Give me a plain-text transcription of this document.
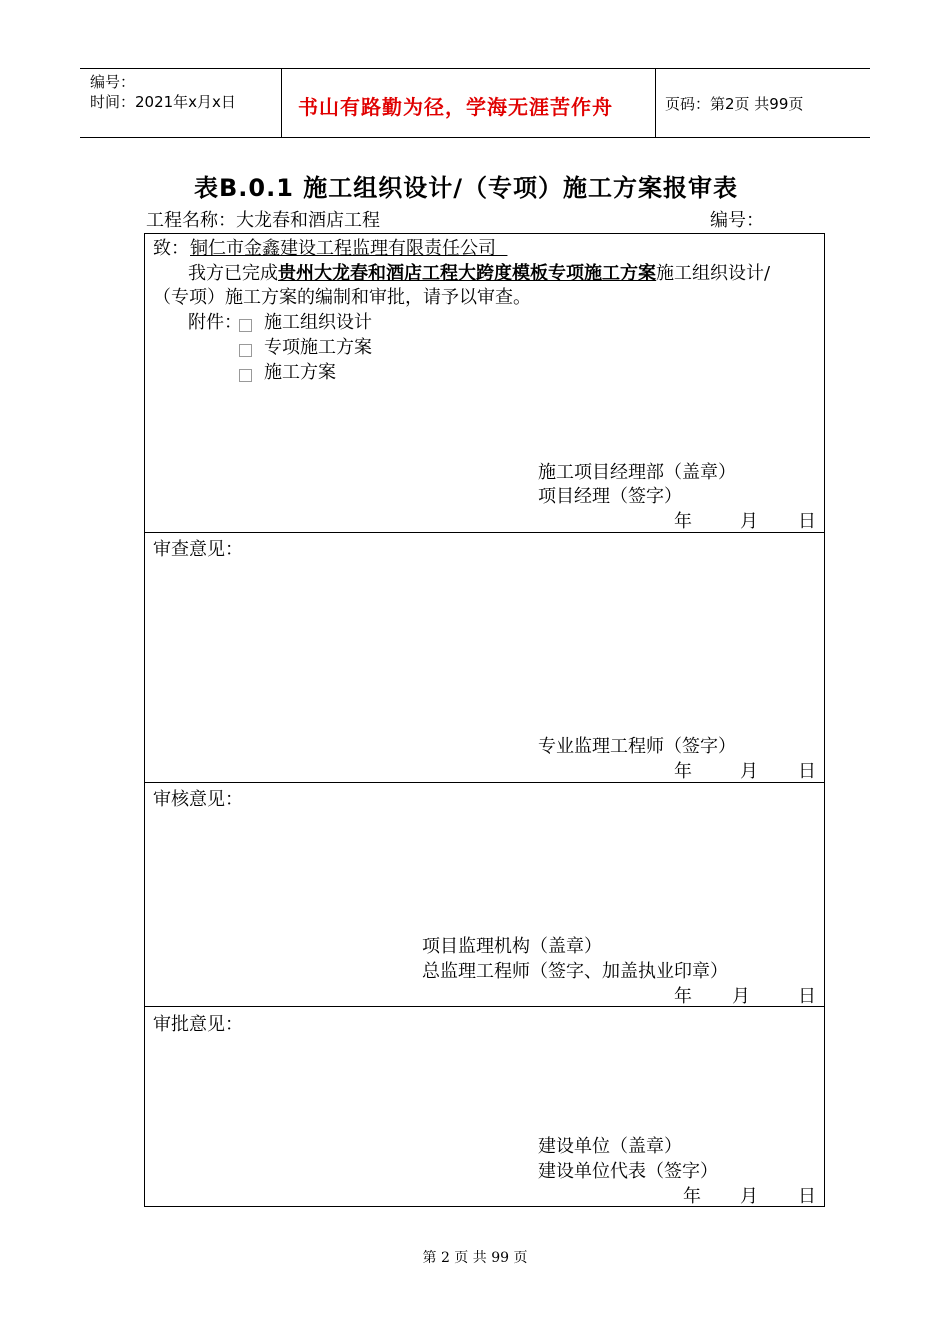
编号：
时间：2021年x月x日	书山有路勤为径，学海无涯苦作舟	页码：第2页 共99页
表B.0.1 施工组织设计/（专项）施工方案报审表
工程名称：大龙春和酒店工程	编号：
致： 铜仁市金鑫建设工程监理有限责任公司
我方已完成贵州大龙春和酒店工程大跨度模板专项施工方案施工组织设计/
（专项）施工方案的编制和审批，请予以审查。
附件： 施工组织设计
专项施工方案
施工方案
施工项目经理部（盖章）
项目经理（签字）
年	月 日
审查意见：
专业监理工程师（签字）
年	月 日
审核意见：
项目监理机构（盖章）
总监理工程师（签字、加盖执业印章）
年 月	日
审批意见：
建设单位（盖章）
建设单位代表（签字）
年 月 日
第 2 页 共 99 页
